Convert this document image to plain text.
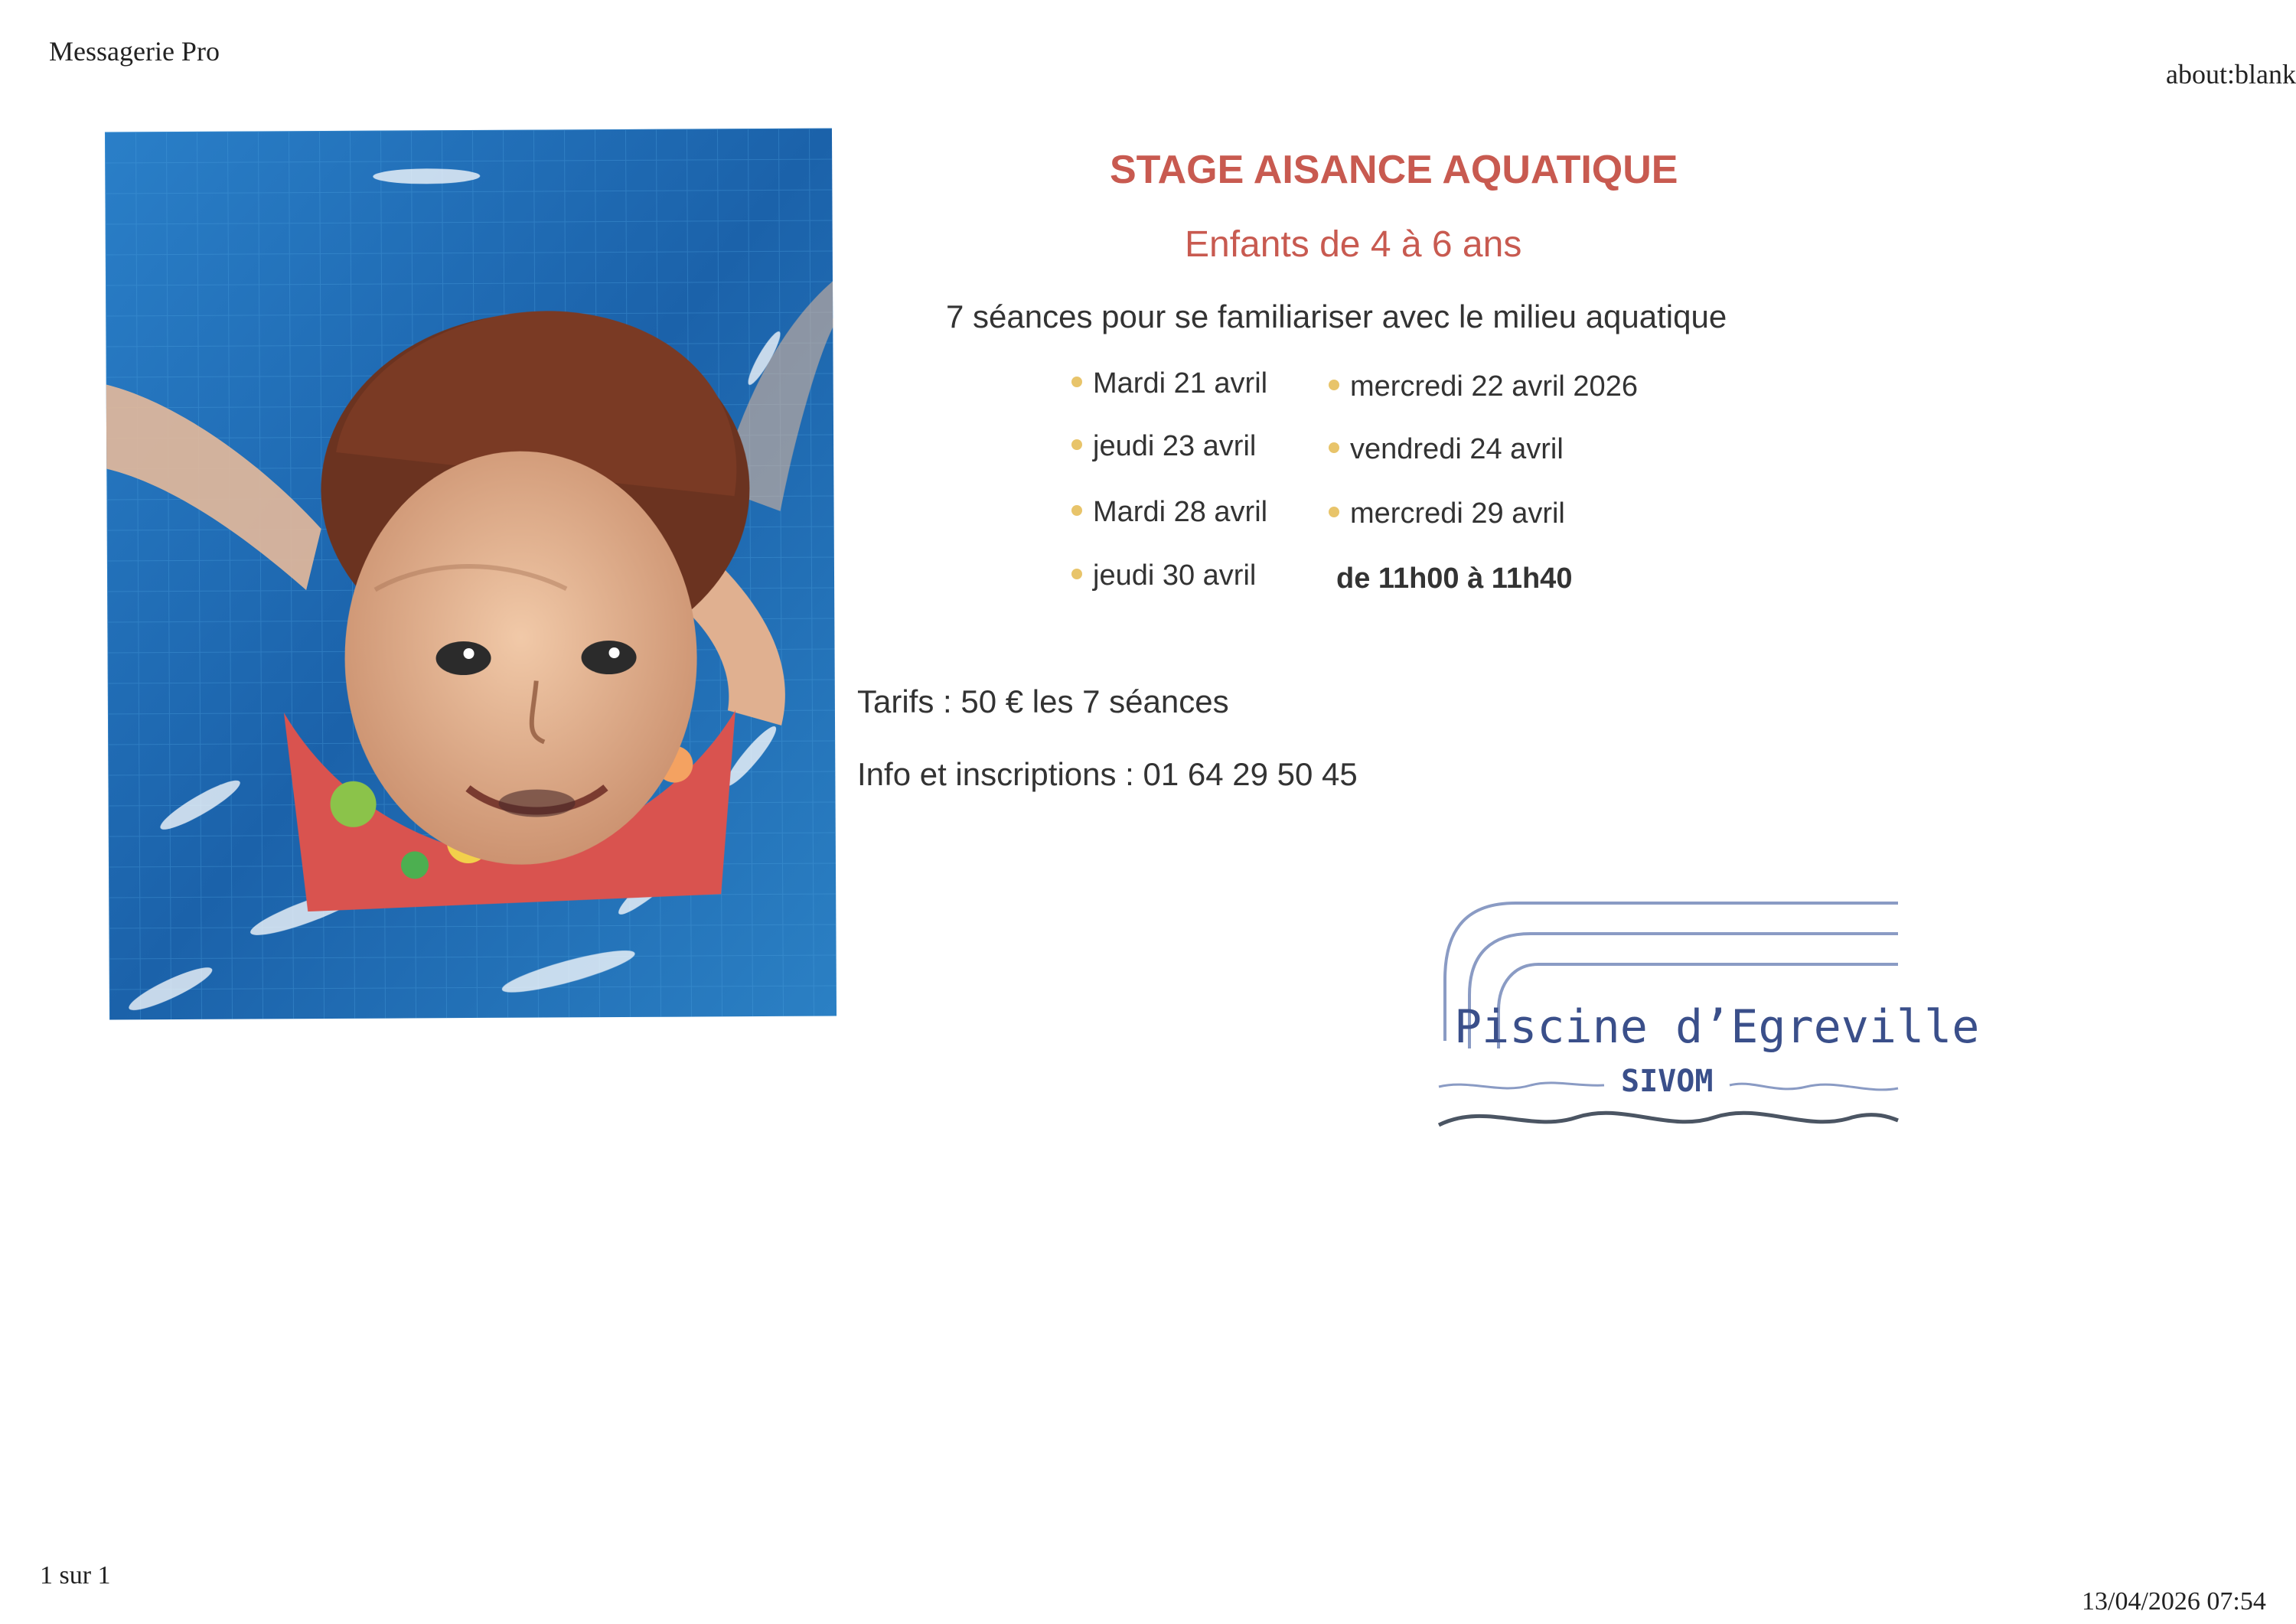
Messagerie Pro
about:blank
STAGE AISANCE AQUATIQUE
Enfants de 4 à 6 ans
7 séances pour se familiariser avec le milieu aquatique
Mardi 21 avril	mercredi 22 avril 2026
jeudi 23 avril	vendredi 24 avril
Mardi 28 avril	mercredi 29 avril
jeudi 30 avril	de 11h00 à 11h40
Tarifs : 50 € les 7 séances
Info et inscriptions : 01 64 29 50 45
Piscine d’Egreville
SIVOM
1 sur 1
13/04/2026 07:54
